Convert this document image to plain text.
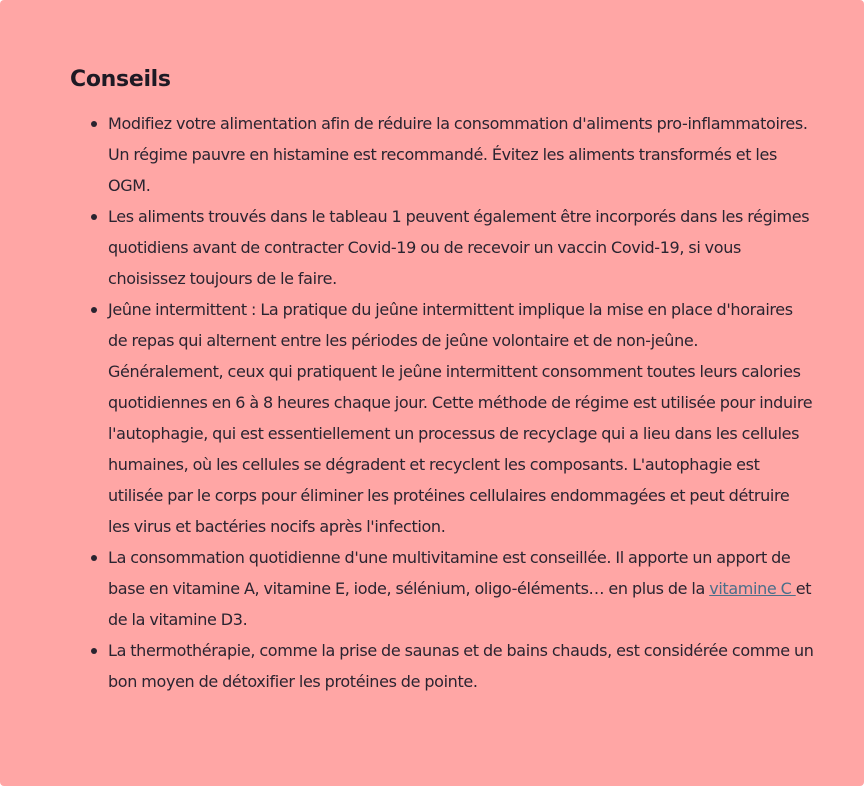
Conseils
Modifiez votre alimentation afin de réduire la consommation d'aliments pro-inflammatoires. Un régime pauvre en histamine est recommandé. Évitez les aliments transformés et les OGM.
Les aliments trouvés dans le tableau 1 peuvent également être incorporés dans les régimes quotidiens avant de contracter Covid-19 ou de recevoir un vaccin Covid-19, si vous choisissez toujours de le faire.
Jeûne intermittent : La pratique du jeûne intermittent implique la mise en place d'horaires de repas qui alternent entre les périodes de jeûne volontaire et de non-jeûne. Généralement, ceux qui pratiquent le jeûne intermittent consomment toutes leurs calories quotidiennes en 6 à 8 heures chaque jour. Cette méthode de régime est utilisée pour induire l'autophagie, qui est essentiellement un processus de recyclage qui a lieu dans les cellules humaines, où les cellules se dégradent et recyclent les composants. L'autophagie est utilisée par le corps pour éliminer les protéines cellulaires endommagées et peut détruire les virus et bactéries nocifs après l'infection.
La consommation quotidienne d'une multivitamine est conseillée. Il apporte un apport de base en vitamine A, vitamine E, iode, sélénium, oligo-éléments… en plus de la vitamine C et de la vitamine D3.
La thermothérapie, comme la prise de saunas et de bains chauds, est considérée comme un bon moyen de détoxifier les protéines de pointe.
